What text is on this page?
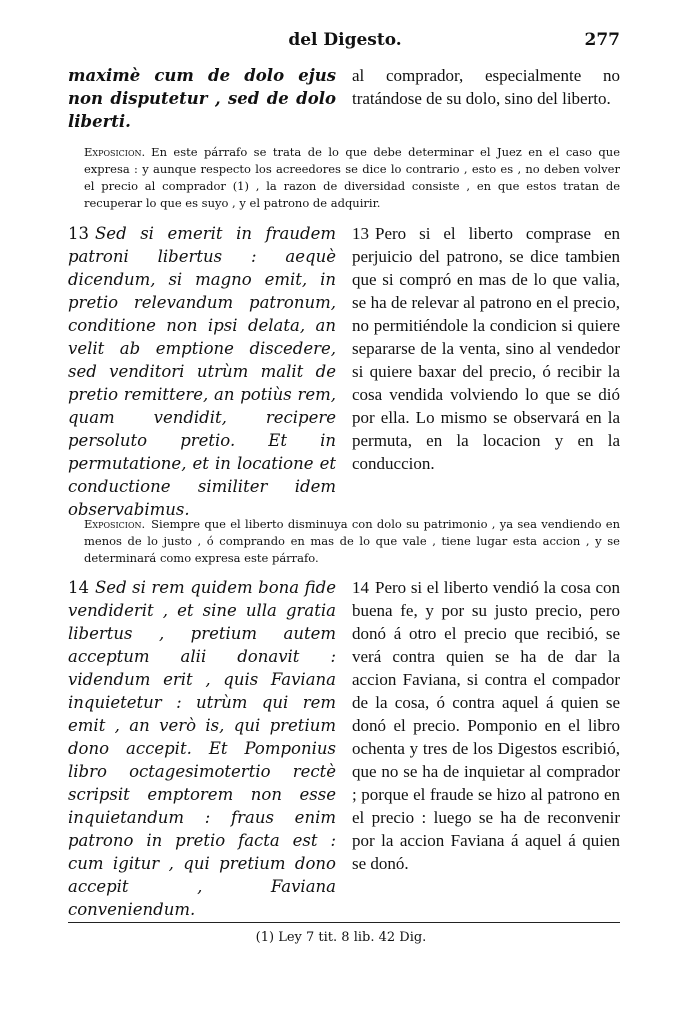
del Digesto.	277
maximè cum de dolo ejus non disputetur , sed de dolo liberti.
al comprador, especialmente no tratándose de su dolo, sino del liberto.
Exposicion. En este párrafo se trata de lo que debe determinar el Juez en el caso que expresa : y aunque respecto los acreedores se dice lo contrario , esto es , no deben volver el precio al comprador (1) , la razon de diversidad consiste , en que estos tratan de recuperar lo que es suyo , y el patrono de adquirir.
13 Sed si emerit in fraudem patroni libertus : aequè dicendum, si magno emit, in pretio relevandum patronum, conditione non ipsi delata, an velit ab emptione discedere, sed venditori utrùm malit de pretio remittere, an potiùs rem, quam vendidit, recipere persoluto pretio. Et in permutatione, et in locatione et conductione similiter idem observabimus.
13 Pero si el liberto comprase en perjuicio del patrono, se dice tambien que si compró en mas de lo que valia, se ha de relevar al patrono en el precio, no permitiéndole la condicion si quiere separarse de la venta, sino al vendedor si quiere baxar del precio, ó recibir la cosa vendida volviendo lo que se dió por ella. Lo mismo se observará en la permuta, en la locacion y en la conduccion.
Exposicion. Siempre que el liberto disminuya con dolo su patrimonio , ya sea vendiendo en menos de lo justo , ó comprando en mas de lo que vale , tiene lugar esta accion , y se determinará como expresa este párrafo.
14 Sed si rem quidem bona fide vendiderit , et sine ulla gratia libertus , pretium autem acceptum alii donavit : videndum erit , quis Faviana inquietetur : utrùm qui rem emit , an verò is, qui pretium dono accepit. Et Pomponius libro octagesimotertio rectè scripsit emptorem non esse inquietandum : fraus enim patrono in pretio facta est : cum igitur , qui pretium dono accepit , Faviana conveniendum.
14 Pero si el liberto vendió la cosa con buena fe, y por su justo precio, pero donó á otro el precio que recibió, se verá contra quien se ha de dar la accion Faviana, si contra el compador de la cosa, ó contra aquel á quien se donó el precio. Pomponio en el libro ochenta y tres de los Digestos escribió, que no se ha de inquietar al comprador ; porque el fraude se hizo al patrono en el precio : luego se ha de reconvenir por la accion Faviana á aquel á quien se donó.
(1) Ley 7 tit. 8 lib. 42 Dig.
